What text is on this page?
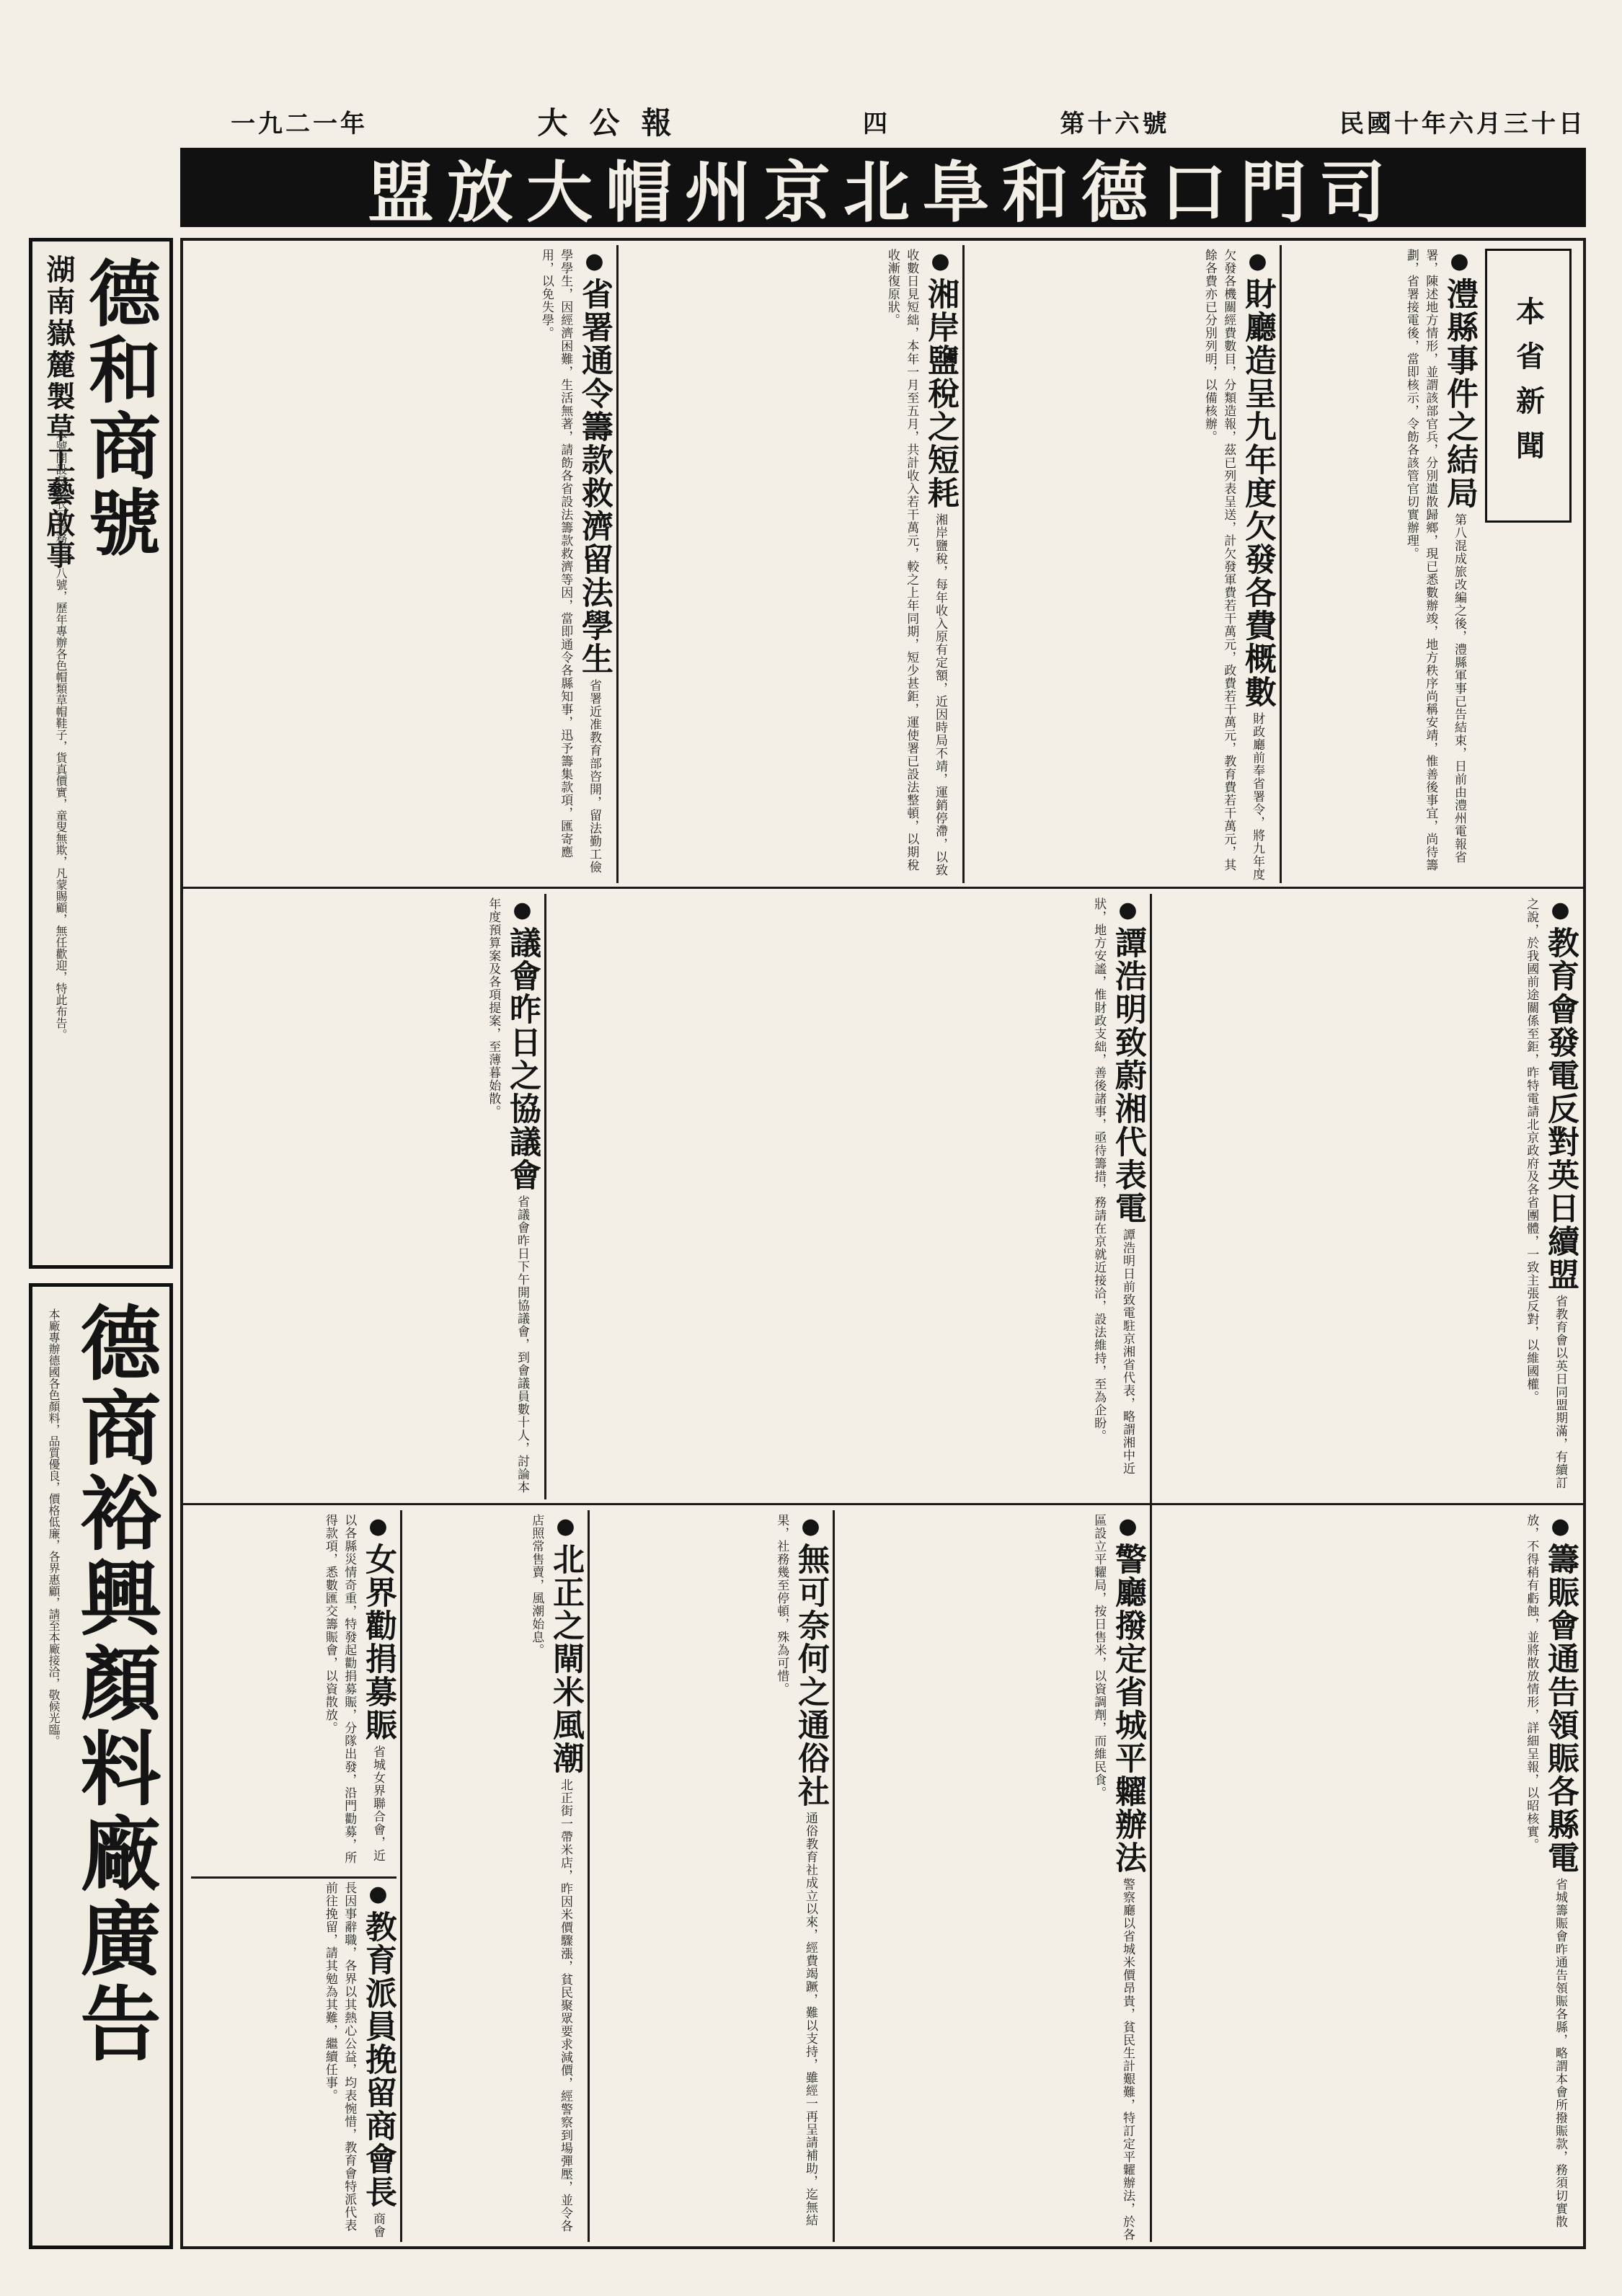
民國十年六月三十日
第十六號
四
大公報
一九二一年
司門口德和阜北京州帽大放盟
本省新聞
德和商號
湖南嶽麓製草工藝啟事
本號開設長沙衣冠業務二十八號，歷年專辦各色帽類草帽鞋子，貨真價實，童叟無欺，凡蒙賜顧，無任歡迎，特此布告。
德商裕興顏料廠廣告
本廠專辦德國各色顏料，品質優良，價格低廉，各界惠顧，請至本廠接洽，敬候光臨。
● 澧縣事件之結局 第八混成旅改編之後，澧縣軍事已告結束，日前由澧州電報省署，陳述地方情形，並謂該部官兵，分別遣散歸鄉，現已悉數辦竣，地方秩序尚稱安靖，惟善後事宜，尚待籌劃，省署接電後，當即核示，令飭各該管官切實辦理。
● 財廳造呈九年度欠發各費概數 財政廳前奉省署令，將九年度欠發各機關經費數目，分類造報，茲已列表呈送，計欠發軍費若干萬元，政費若干萬元，教育費若干萬元，其餘各費亦已分別列明，以備核辦。
● 湘岸鹽稅之短耗 湘岸鹽稅，每年收入原有定額，近因時局不靖，運銷停滯，以致收數日見短絀，本年一月至五月，共計收入若干萬元，較之上年同期，短少甚鉅，運使署已設法整頓，以期稅收漸復原狀。
● 省署通令籌款救濟留法學生 省署近准教育部咨開，留法勤工儉學學生，因經濟困難，生活無著，請飭各省設法籌款救濟等因，當即通令各縣知事，迅予籌集款項，匯寄應用，以免失學。
● 教育會發電反對英日續盟 省教育會以英日同盟期滿，有續訂之說，於我國前途關係至鉅，昨特電請北京政府及各省團體，一致主張反對，以維國權。
● 譚浩明致蔚湘代表電 譚浩明日前致電駐京湘省代表，略謂湘中近狀，地方安謐，惟財政支絀，善後諸事，亟待籌措，務請在京就近接洽，設法維持，至為企盼。
● 議會昨日之協議會 省議會昨日下午開協議會，到會議員數十人，討論本年度預算案及各項提案，至薄暮始散。
● 籌賑會通告領賑各縣電 省城籌賑會昨通告領賑各縣，略謂本會所撥賑款，務須切實散放，不得稍有虧蝕，並將散放情形，詳細呈報，以昭核實。
● 警廳撥定省城平糶辦法 警察廳以省城米價昂貴，貧民生計艱難，特訂定平糶辦法，於各區設立平糶局，按日售米，以資調劑，而維民食。
● 無可奈何之通俗社 通俗教育社成立以來，經費竭蹶，難以支持，雖經一再呈請補助，迄無結果，社務幾至停頓，殊為可惜。
● 北正之閘米風潮 北正街一帶米店，昨因米價驟漲，貧民聚眾要求減價，經警察到場彈壓，並令各店照常售賣，風潮始息。
● 女界勸捐募賑 省城女界聯合會，近以各縣災情奇重，特發起勸捐募賑，分隊出發，沿門勸募，所得款項，悉數匯交籌賑會，以資散放。
● 教育派員挽留商會長 商會長因事辭職，各界以其熱心公益，均表惋惜，教育會特派代表前往挽留，請其勉為其難，繼續任事。
